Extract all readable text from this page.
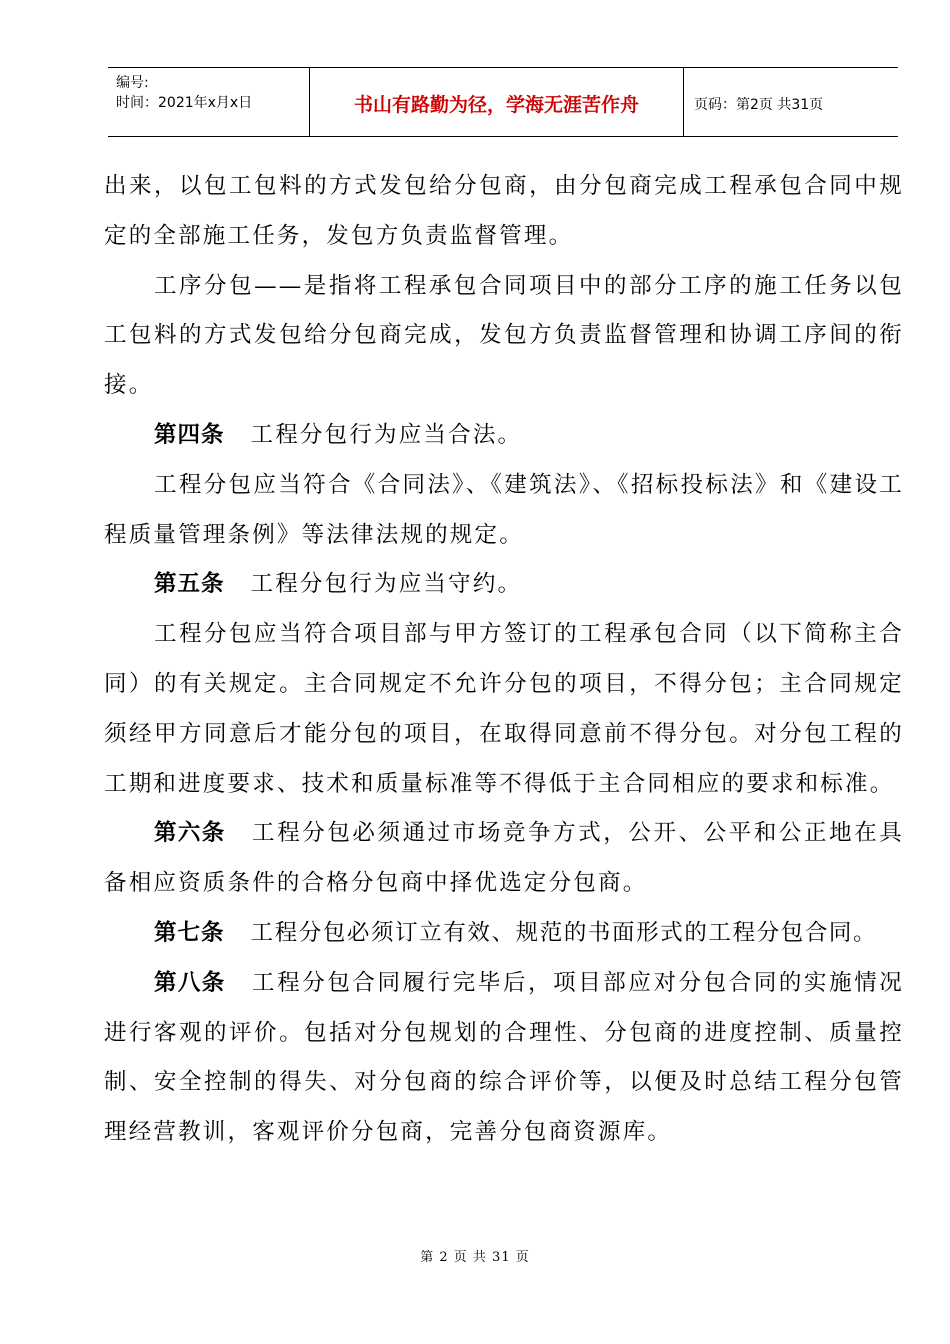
编号:
时间：2021年x月x日	书山有路勤为径，学海无涯苦作舟	页码：第2页 共31页

出来，以包工包料的方式发包给分包商，由分包商完成工程承包合同中规定的全部施工任务，发包方负责监督管理。

工序分包——是指将工程承包合同项目中的部分工序的施工任务以包工包料的方式发包给分包商完成，发包方负责监督管理和协调工序间的衔接。

第四条 工程分包行为应当合法。

工程分包应当符合《合同法》、《建筑法》、《招标投标法》和《建设工程质量管理条例》等法律法规的规定。

第五条 工程分包行为应当守约。

工程分包应当符合项目部与甲方签订的工程承包合同（以下简称主合同）的有关规定。主合同规定不允许分包的项目，不得分包；主合同规定须经甲方同意后才能分包的项目，在取得同意前不得分包。对分包工程的工期和进度要求、技术和质量标准等不得低于主合同相应的要求和标准。

第六条 工程分包必须通过市场竞争方式，公开、公平和公正地在具备相应资质条件的合格分包商中择优选定分包商。

第七条 工程分包必须订立有效、规范的书面形式的工程分包合同。

第八条 工程分包合同履行完毕后，项目部应对分包合同的实施情况进行客观的评价。包括对分包规划的合理性、分包商的进度控制、质量控制、安全控制的得失、对分包商的综合评价等，以便及时总结工程分包管理经营教训，客观评价分包商，完善分包商资源库。

第 2 页 共 31 页
